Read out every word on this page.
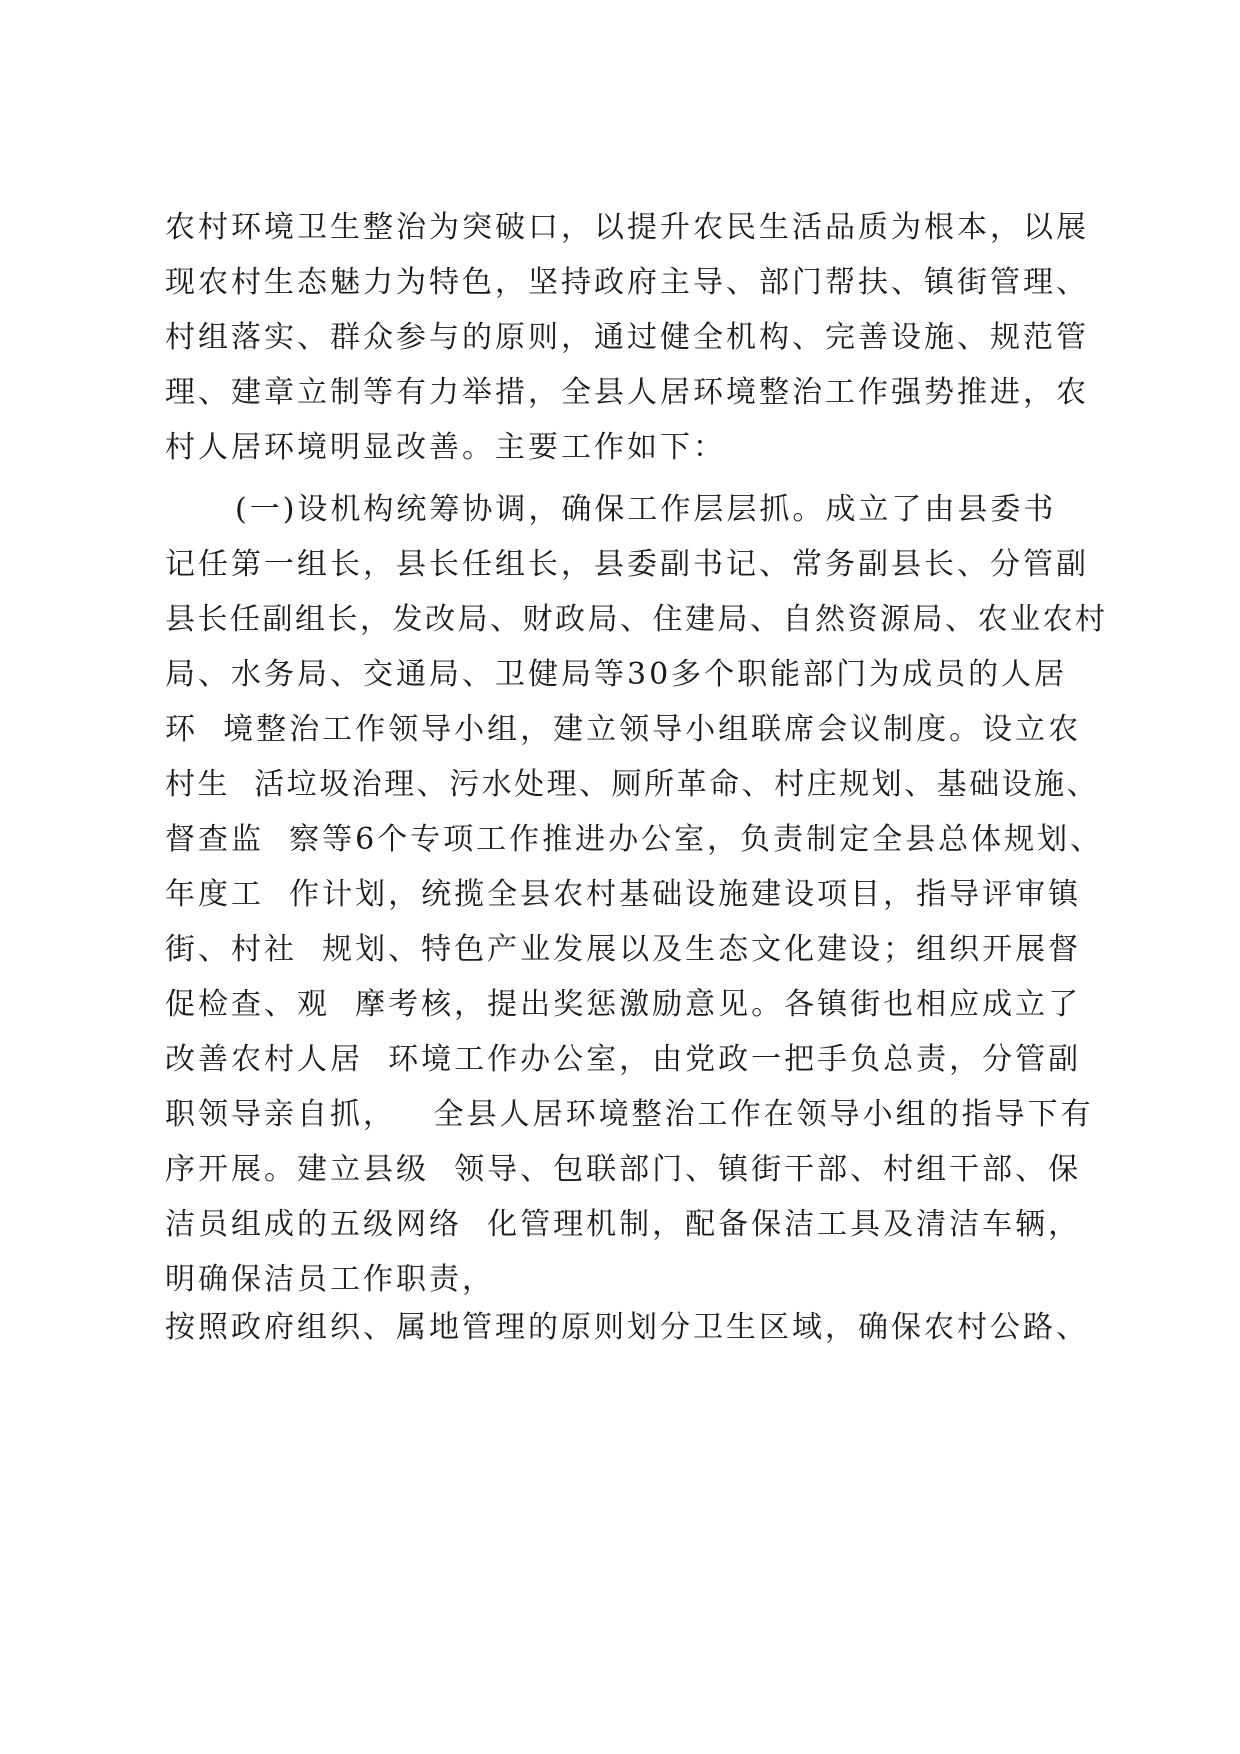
农村环境卫生整治为突破口，以提升农民生活品质为根本，以展
现农村生态魅力为特色，坚持政府主导、部门帮扶、镇街管理、
村组落实、群众参与的原则，通过健全机构、完善设施、规范管
理、建章立制等有力举措，全县人居环境整治工作强势推进，农
村人居环境明显改善。主要工作如下：
(一)设机构统筹协调，确保工作层层抓。成立了由县委书
记任第一组长，县长任组长，县委副书记、常务副县长、分管副
县长任副组长，发改局、财政局、住建局、自然资源局、农业农村
局、水务局、交通局、卫健局等30多个职能部门为成员的人居
环  境整治工作领导小组，建立领导小组联席会议制度。设立农
村生  活垃圾治理、污水处理、厕所革命、村庄规划、基础设施、
督查监  察等6个专项工作推进办公室，负责制定全县总体规划、
年度工  作计划，统揽全县农村基础设施建设项目，指导评审镇
街、村社  规划、特色产业发展以及生态文化建设；组织开展督
促检查、观  摩考核，提出奖惩激励意见。各镇街也相应成立了
改善农村人居  环境工作办公室，由党政一把手负总责，分管副
职领导亲自抓，   全县人居环境整治工作在领导小组的指导下有
序开展。建立县级  领导、包联部门、镇街干部、村组干部、保
洁员组成的五级网络  化管理机制，配备保洁工具及清洁车辆，
明确保洁员工作职责，
按照政府组织、属地管理的原则划分卫生区域，确保农村公路、
